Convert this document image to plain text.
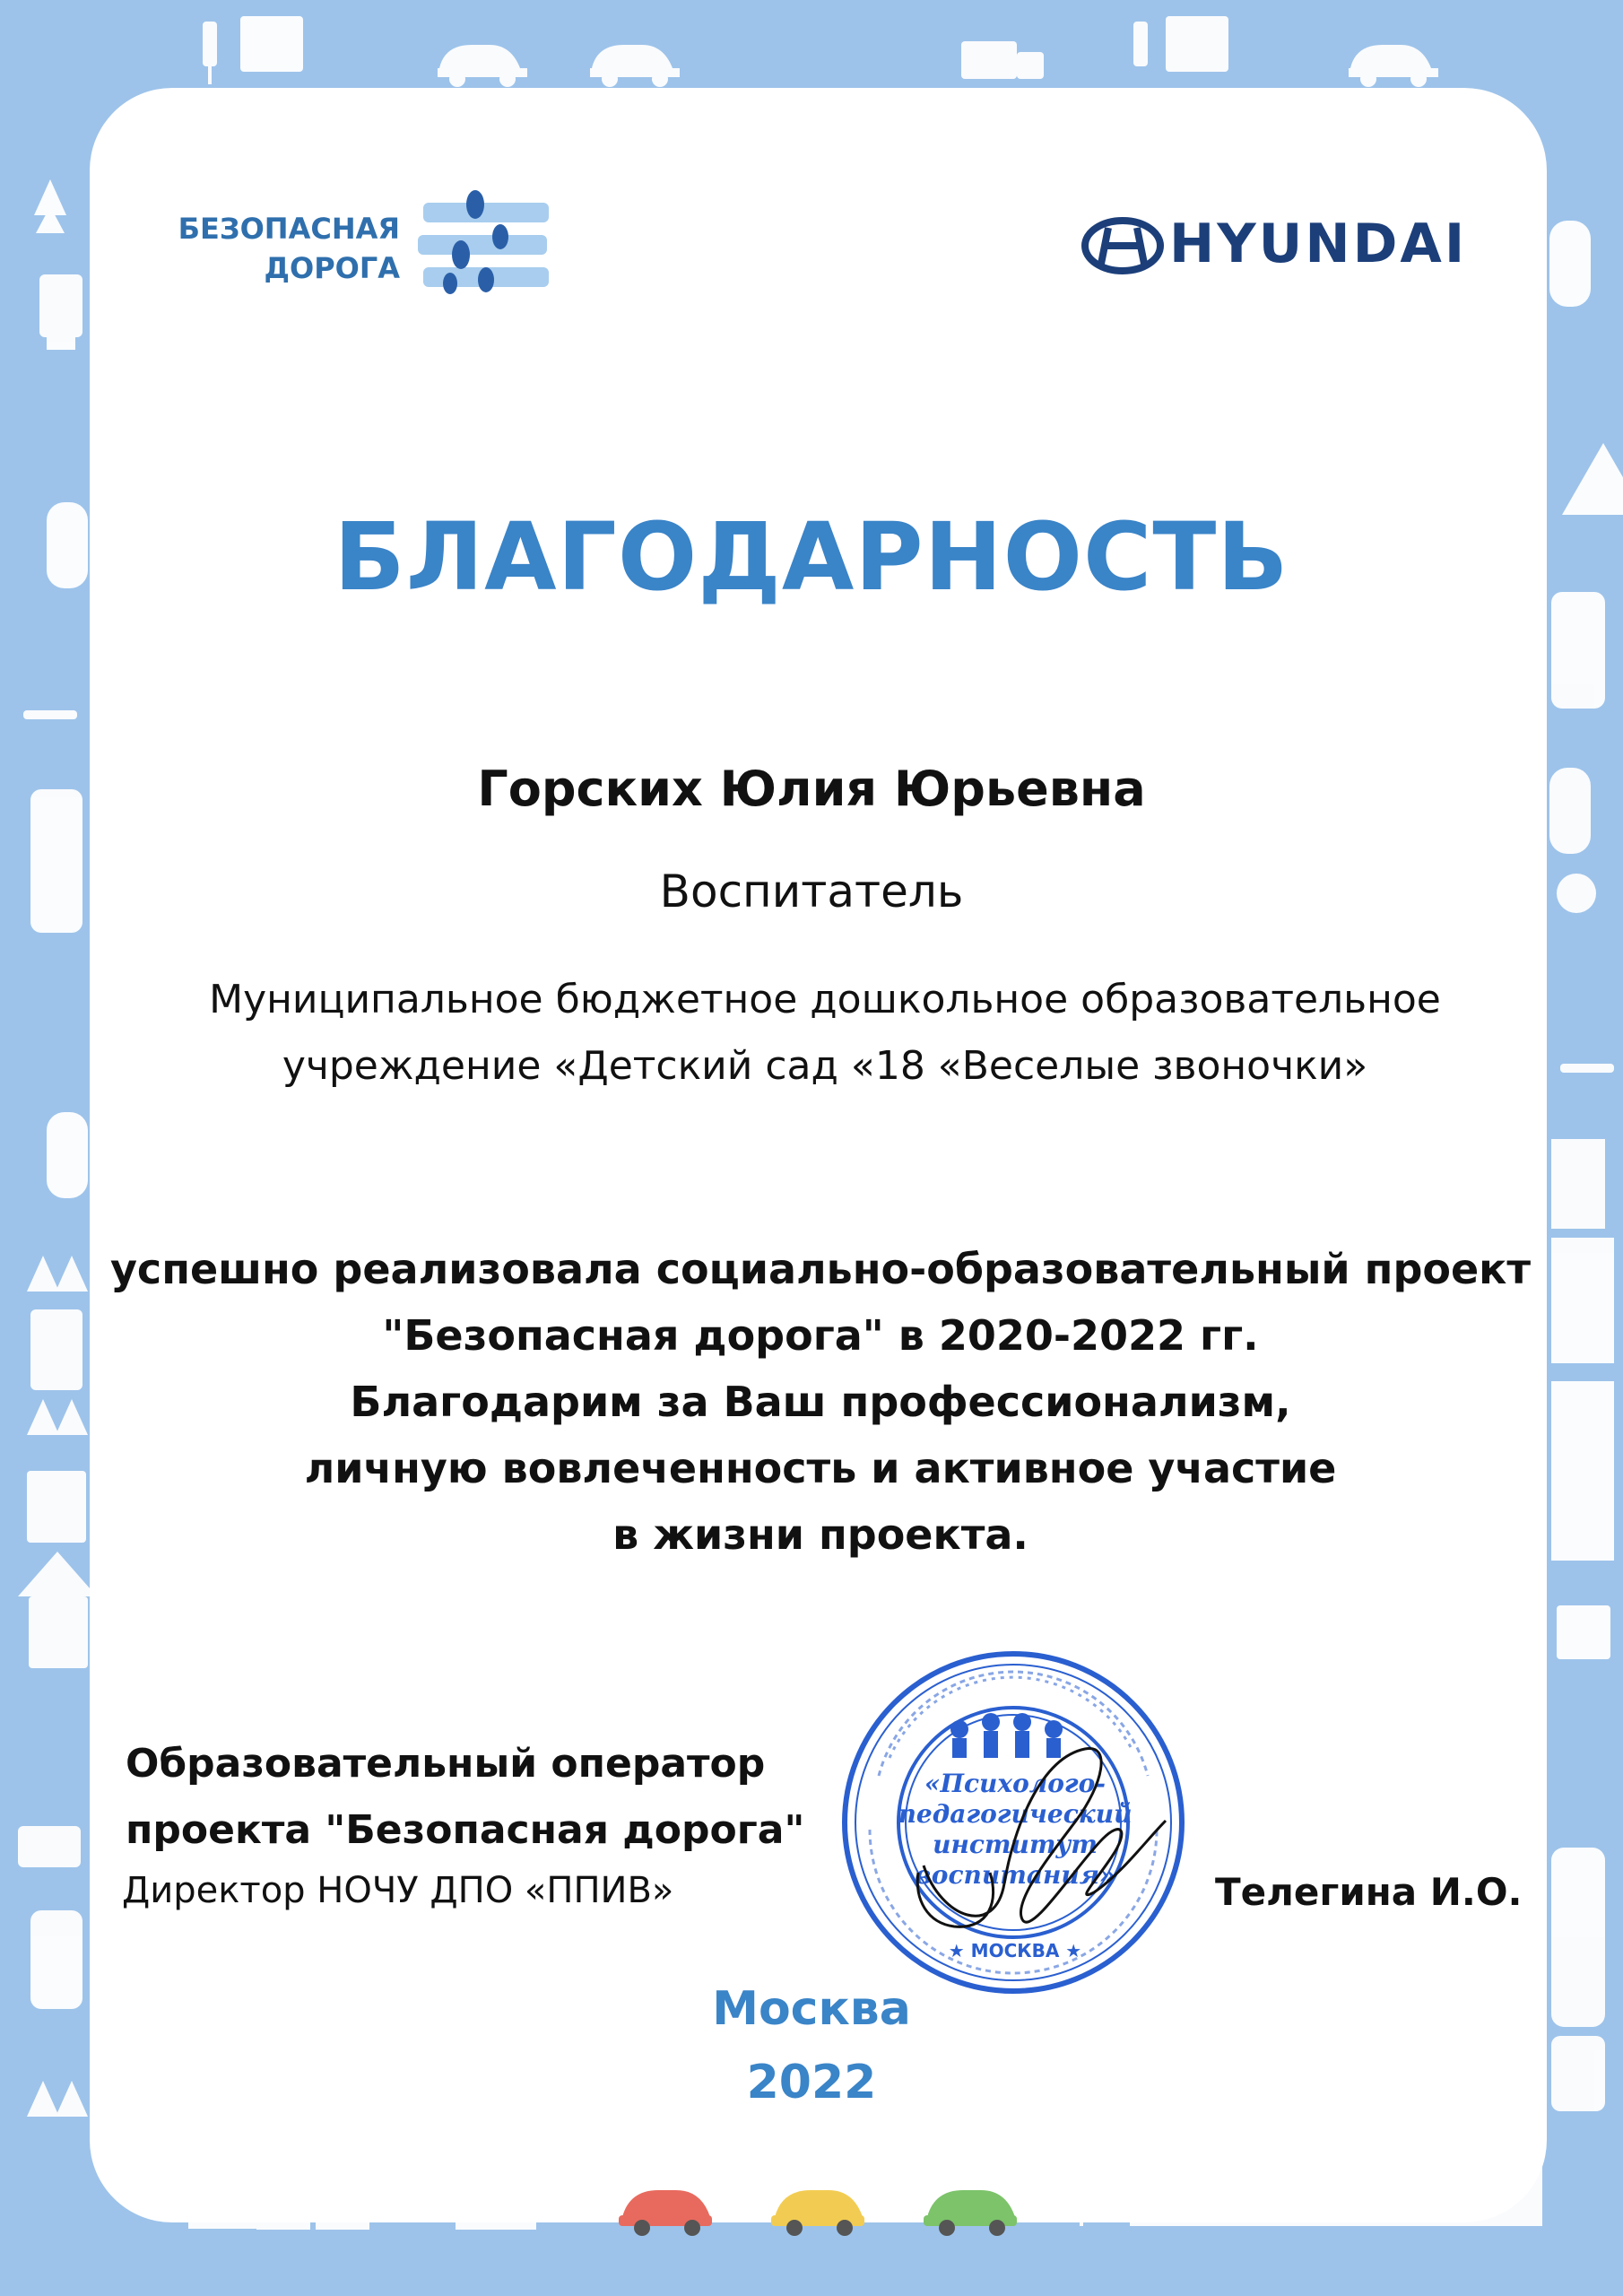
БЕЗОПАСНАЯ
ДОРОГА	HYUNDAI
БЛАГОДАРНОСТЬ
Горских Юлия Юрьевна
Воспитатель
Муниципальное бюджетное дошкольное образовательное
учреждение «Детский сад «18 «Веселые звоночки»
успешно реализовала социально-образовательный проект
"Безопасная дорога" в 2020-2022 гг.
Благодарим за Ваш профессионализм,
личную вовлеченность и активное участие
в жизни проекта.
Образовательный оператор
проекта "Безопасная дорога"
Директор НОЧУ ДПО «ППИВ»	Телегина И.О.
«Психолого-
педагогический
институт
воспитания»
★ МОСКВА ★
Москва
2022
